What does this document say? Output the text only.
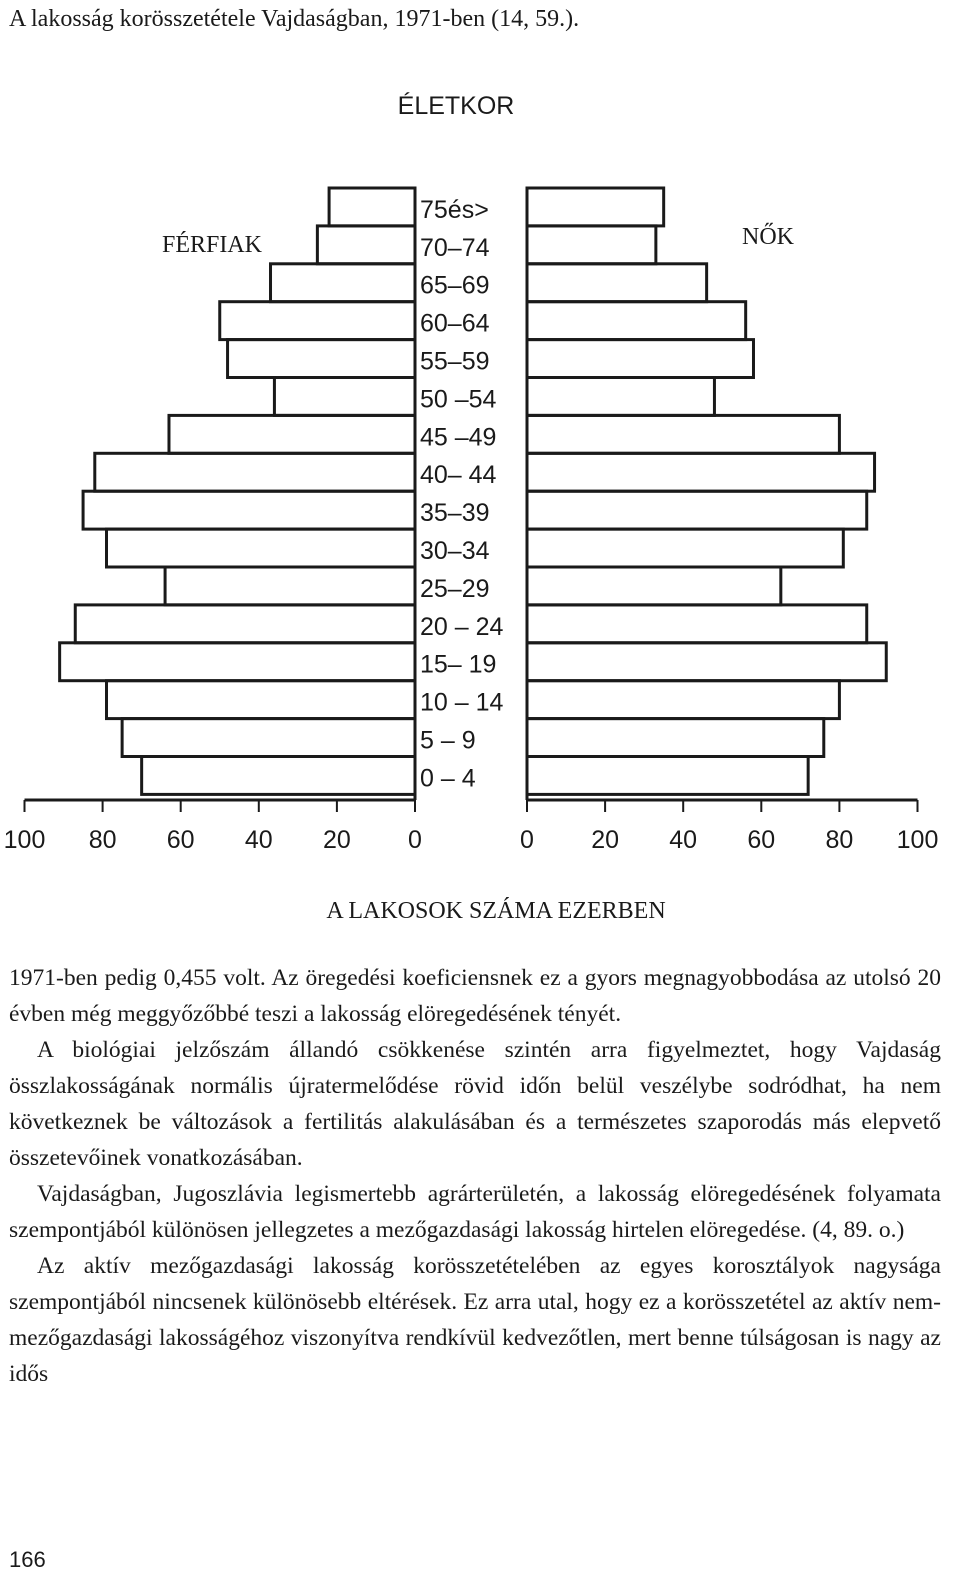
A lakosság korösszetétele Vajdaságban, 1971-ben (14, 59.).
ÉLETKOR
FÉRFIAK	NŐK
75és>
70–74
65–69
60–64
55–59
50 –54
45 –49
40– 44
35–39
30–34
25–29
20 – 24
15– 19
10 – 14
5 – 9
0 – 4
100 80 60 40 20 0	0 20 40 60 80 100
A LAKOSOK SZÁMA EZERBEN

1971-ben pedig 0,455 volt. Az öregedési koeficiensnek ez a gyors megnagyobbodása az utolsó 20 évben még meggyőzőbbé teszi a lakosság elöregedésének tényét.

A biológiai jelzőszám állandó csökkenése szintén arra figyelmeztet, hogy Vajdaság összlakosságának normális újratermelődése rövid időn belül veszélybe sodródhat, ha nem következnek be változások a fertilitás alakulásában és a természetes szaporodás más elepvető összetevőinek vonatkozásában.

Vajdaságban, Jugoszlávia legismertebb agrárterületén, a lakosság elöregedésének folyamata szempontjából különösen jellegzetes a mezőgazdasági lakosság hirtelen elöregedése. (4, 89. o.)

Az aktív mezőgazdasági lakosság korösszetételében az egyes korosztályok nagysága szempontjából nincsenek különösebb eltérések. Ez arra utal, hogy ez a korösszetétel az aktív nem-mezőgazdasági lakosságéhoz viszonyítva rendkívül kedvezőtlen, mert benne túlságosan is nagy az idős

166
